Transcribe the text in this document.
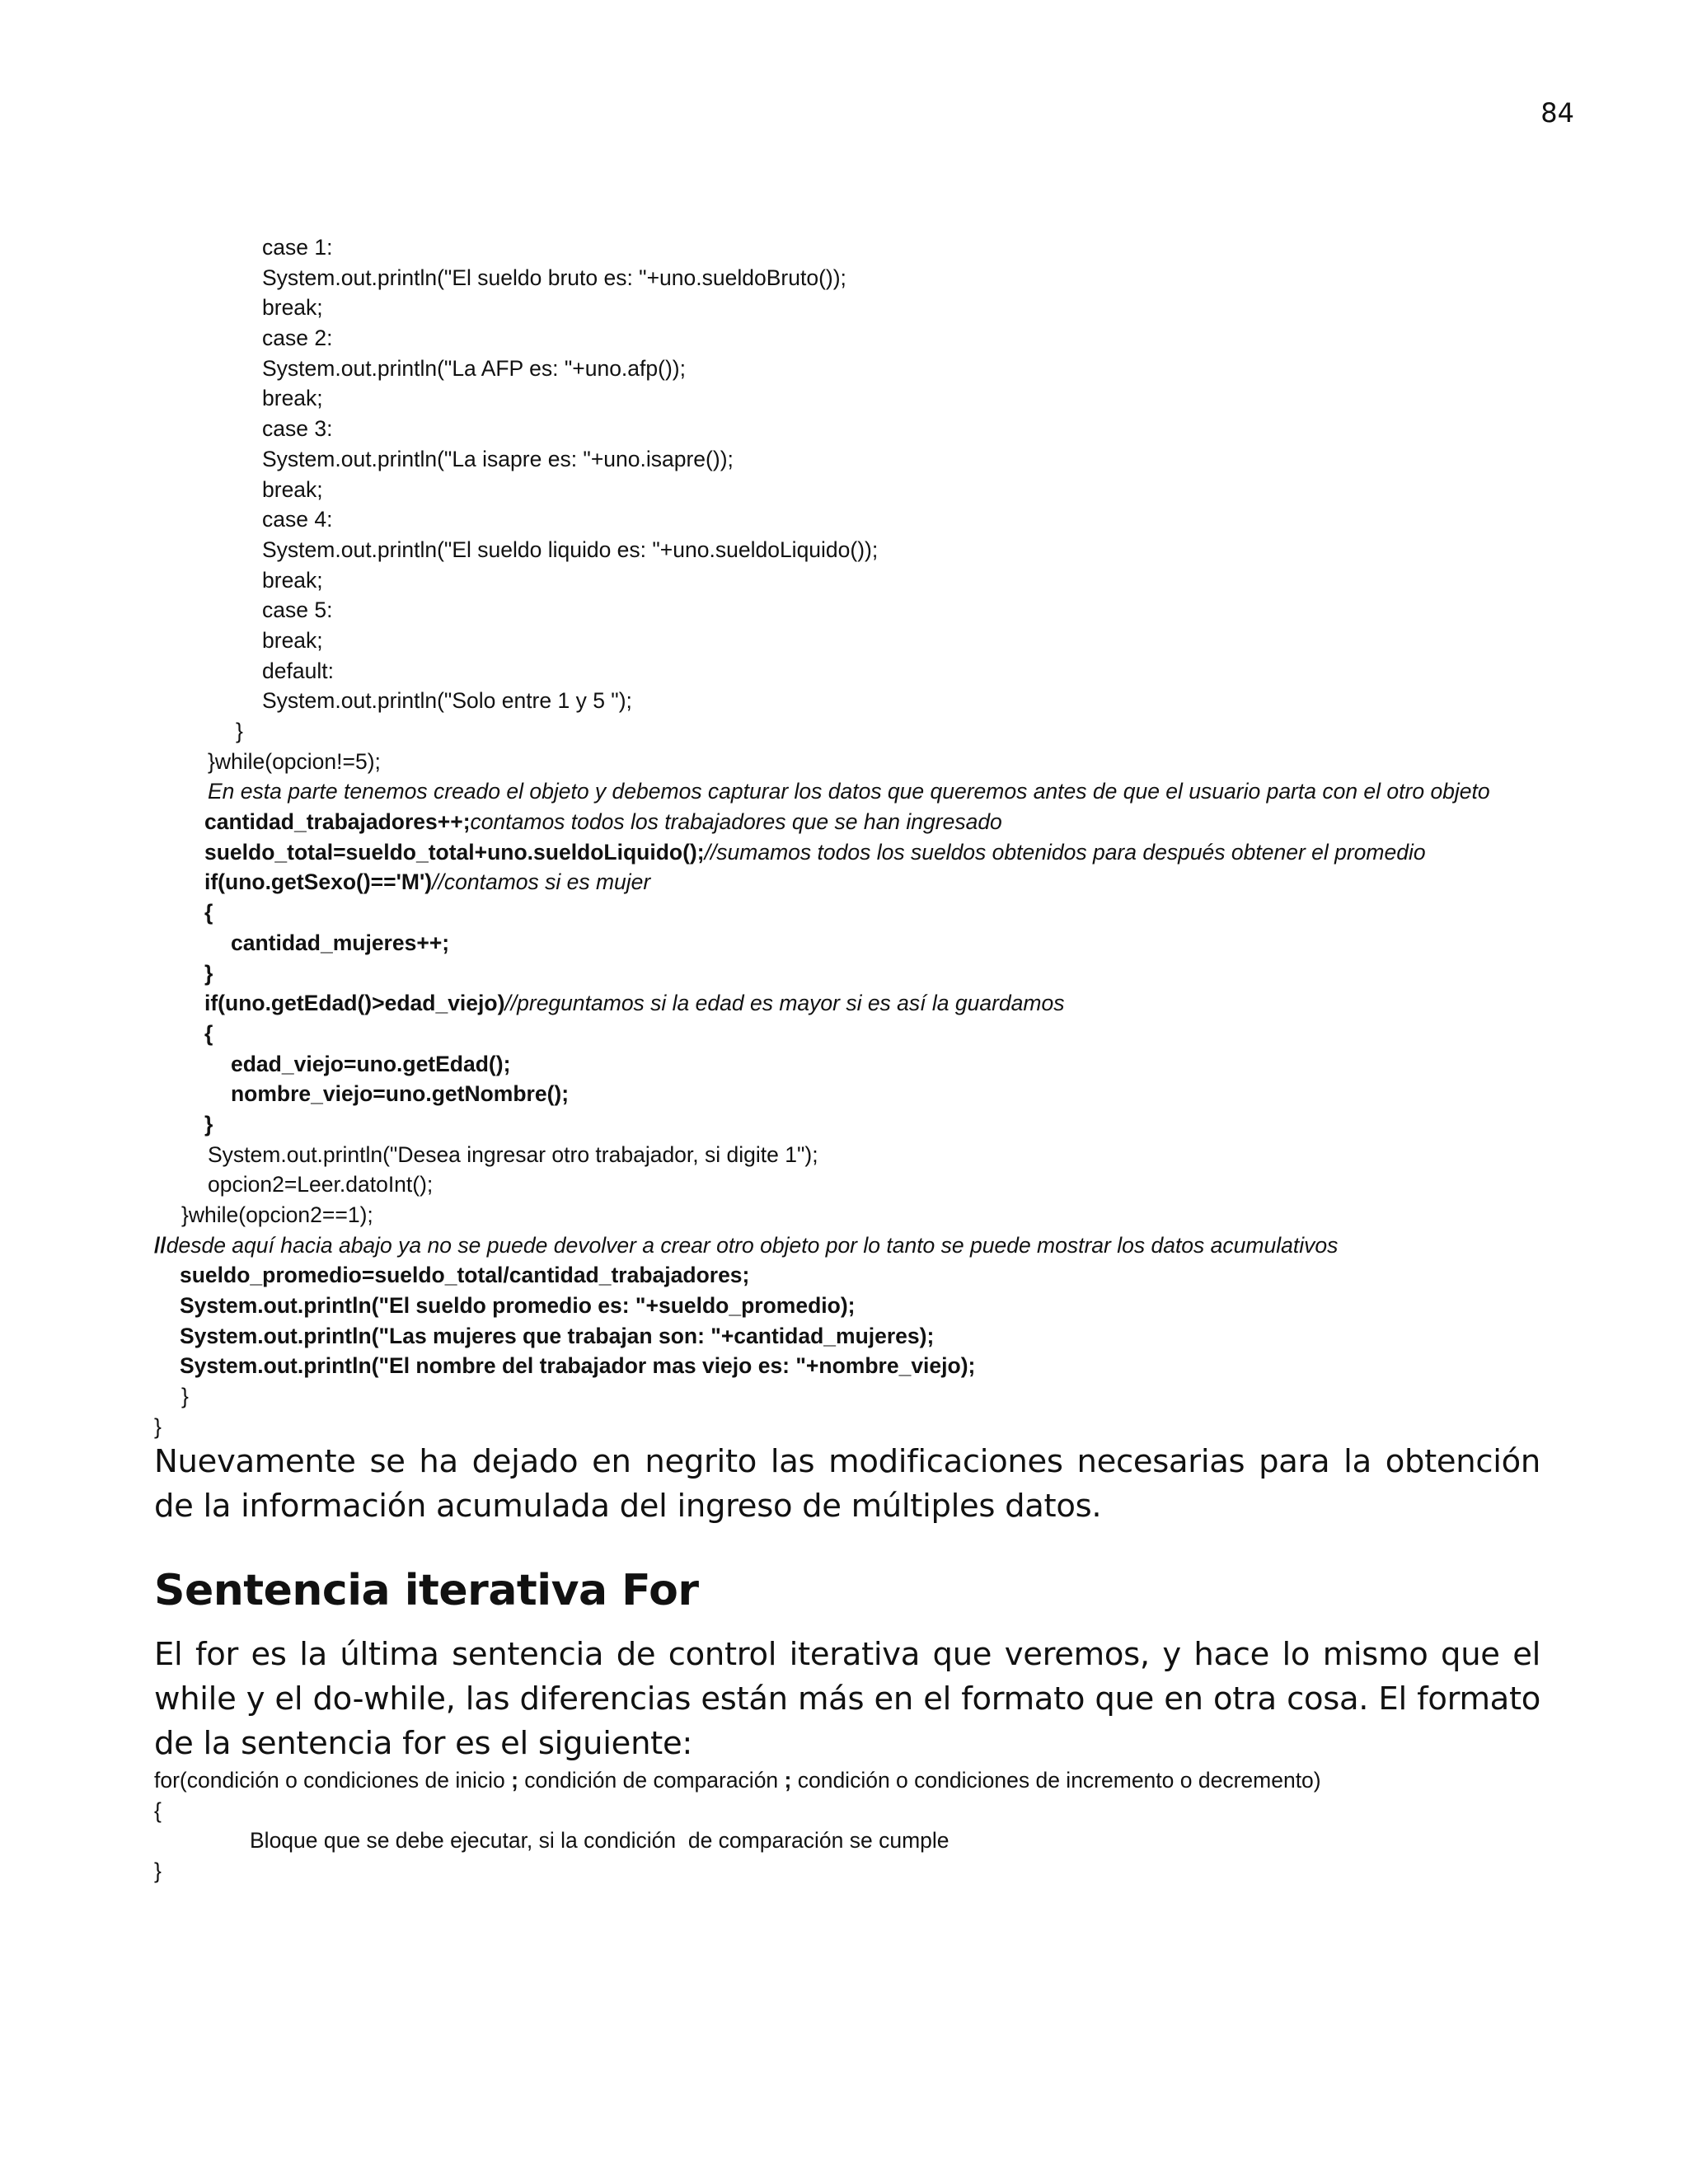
84
case 1:
System.out.println("El sueldo bruto es: "+uno.sueldoBruto());
break;
case 2:
System.out.println("La AFP es: "+uno.afp());
break;
case 3:
System.out.println("La isapre es: "+uno.isapre());
break;
case 4:
System.out.println("El sueldo liquido es: "+uno.sueldoLiquido());
break;
case 5:
break;
default:
System.out.println("Solo entre 1 y 5 ");
}
}while(opcion!=5);
En esta parte tenemos creado el objeto y debemos capturar los datos que queremos antes de que el usuario parta con el otro objeto
cantidad_trabajadores++;contamos todos los trabajadores que se han ingresado
sueldo_total=sueldo_total+uno.sueldoLiquido();//sumamos todos los sueldos obtenidos para después obtener el promedio
if(uno.getSexo()=='M')//contamos si es mujer
{
cantidad_mujeres++;
}
if(uno.getEdad()>edad_viejo)//preguntamos si la edad es mayor si es así la guardamos
{
edad_viejo=uno.getEdad();
nombre_viejo=uno.getNombre();
}
System.out.println("Desea ingresar otro trabajador, si digite 1");
opcion2=Leer.datoInt();
}while(opcion2==1);
//desde aquí hacia abajo ya no se puede devolver a crear otro objeto por lo tanto se puede mostrar los datos acumulativos
sueldo_promedio=sueldo_total/cantidad_trabajadores;
System.out.println("El sueldo promedio es: "+sueldo_promedio);
System.out.println("Las mujeres que trabajan son: "+cantidad_mujeres);
System.out.println("El nombre del trabajador mas viejo es: "+nombre_viejo);
}
}
Nuevamente se ha dejado en negrito las modificaciones necesarias para la obtención de la información acumulada del ingreso de múltiples datos.
Sentencia iterativa For
El for es la última sentencia de control iterativa que veremos, y hace lo mismo que el while y el do-while, las diferencias están más en el formato que en otra cosa. El formato de la sentencia for es el siguiente:
for(condición o condiciones de inicio ; condición de comparación ; condición o condiciones de incremento o decremento)
{
Bloque que se debe ejecutar, si la condición  de comparación se cumple
}
